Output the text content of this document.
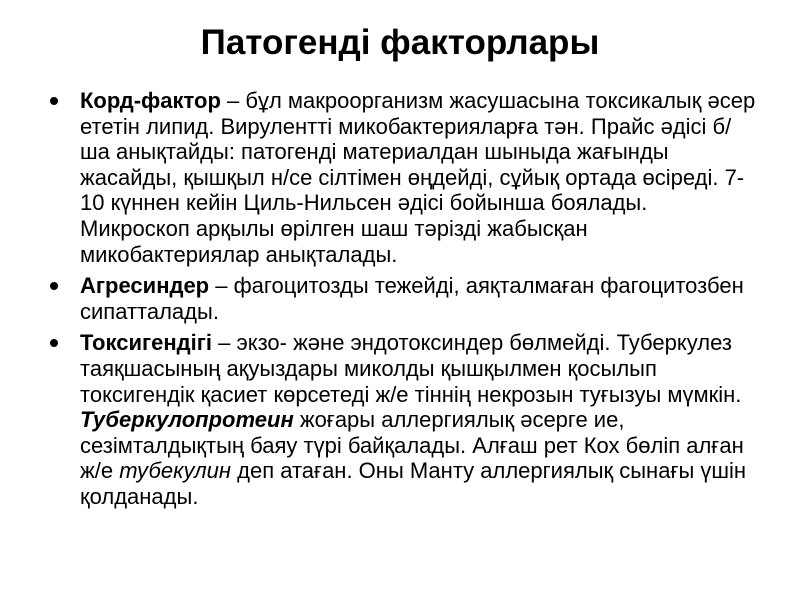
Патогенді факторлары
Корд-фактор – бұл макроорганизм жасушасына токсикалық әсер ететін липид. Вирулентті микобактерияларға тән. Прайс әдісі б/ша анықтайды: патогенді материалдан шыныда жағынды жасайды, қышқыл н/се сілтімен өңдейді, сұйық ортада өсіреді. 7-10 күннен кейін Циль-Нильсен әдісі бойынша боялады. Микроскоп арқылы өрілген шаш тәрізді жабысқан микобактериялар анықталады.
Агресиндер – фагоцитозды тежейді, аяқталмаған фагоцитозбен сипатталады.
Токсигендігі – экзо- және эндотоксиндер бөлмейді. Туберкулез таяқшасының ақуыздары миколды қышқылмен қосылып токсигендік қасиет көрсетеді ж/е тіннің некрозын туғызуы мүмкін. Туберкулопротеин жоғары аллергиялық әсерге ие, сезімталдықтың баяу түрі байқалады. Алғаш рет Кох бөліп алған ж/е тубекулин деп атаған. Оны Манту аллергиялық сынағы үшін қолданады.
